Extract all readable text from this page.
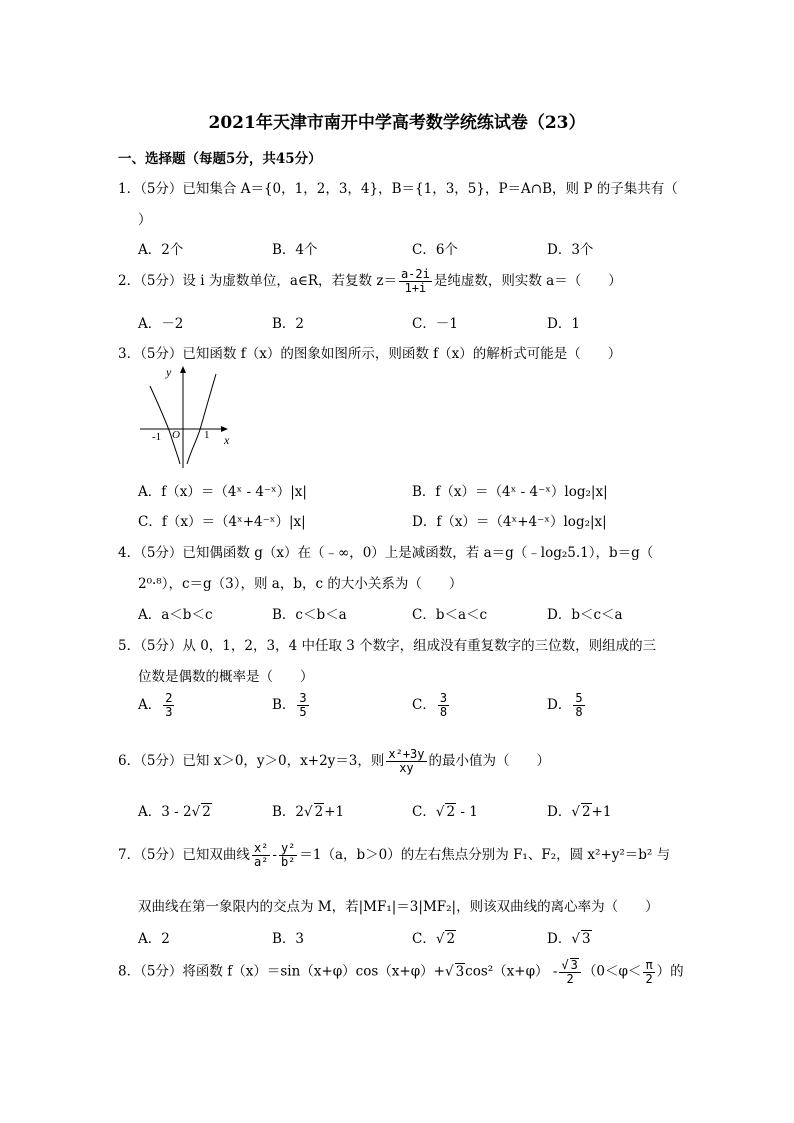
2021年天津市南开中学高考数学统练试卷（23）
一、选择题（每题5分，共45分）
1．（5分）已知集合 A＝{0，1，2，3，4}，B＝{1，3，5}，P＝A∩B，则 P 的子集共有（
）
A．2个	B．4个	C．6个	D．3个
2．（5分）设 i 为虚数单位，a∈R，若复数 $z= \frac{a-2i}{1+i}$ 是纯虚数，则实数 a＝（　　）
A．－2	B．2	C．－1	D．1
3．（5分）已知函数 f（x）的图象如图所示，则函数 f（x）的解析式可能是（　　）
y
x
O
-1	1
A．f（x）＝（4ˣ - 4⁻ˣ）|x|	B．f（x）＝（4ˣ - 4⁻ˣ）log₂|x|
C．f（x）＝（4ˣ+4⁻ˣ）|x|	D．f（x）＝（4ˣ+4⁻ˣ）log₂|x|
4．（5分）已知偶函数 g（x）在（﹣∞，0）上是减函数，若 a＝g（﹣log₂5.1），b＝g（
2⁰·⁸），c＝g（3），则 a，b，c 的大小关系为（　　）
A．a＜b＜c	B．c＜b＜a	C．b＜a＜c	D．b＜c＜a
5．（5分）从 0，1，2，3，4 中任取 3 个数字，组成没有重复数字的三位数，则组成的三
位数是偶数的概率是（　　）
A． $\frac{2}{3}$	B． $\frac{3}{5}$	C． $\frac{3}{8}$	D． $\frac{5}{8}$
6．（5分）已知 x＞0，y＞0，x+2y＝3，则 $\frac{\text{x²+3y}}{xy}$ 的最小值为（　　）
A．3 - 2√ 2	B．2√ 2+1	C．√ 2 - 1	D．√ 2+1
7．（5分）已知双曲线 $\frac{\text{x²}}{\text{a²}} - \frac{\text{y²}}{\text{b²}} =1(a$，b＞0）的左右焦点分别为 F₁、F₂，圆 x²+y²＝b² 与
双曲线在第一象限内的交点为 M，若|MF₁|＝3|MF₂|，则该双曲线的离心率为（　　）
A．2	B．3	C．√ 2	D．√ 3
8．（5分）将函数 f（x）＝sin（x+φ）cos（x+φ）+√ $3\cos^2(x+\varphi) - \frac{√ 3}{2} (0<\varphi< \frac{\pi}{2}$ ）的
